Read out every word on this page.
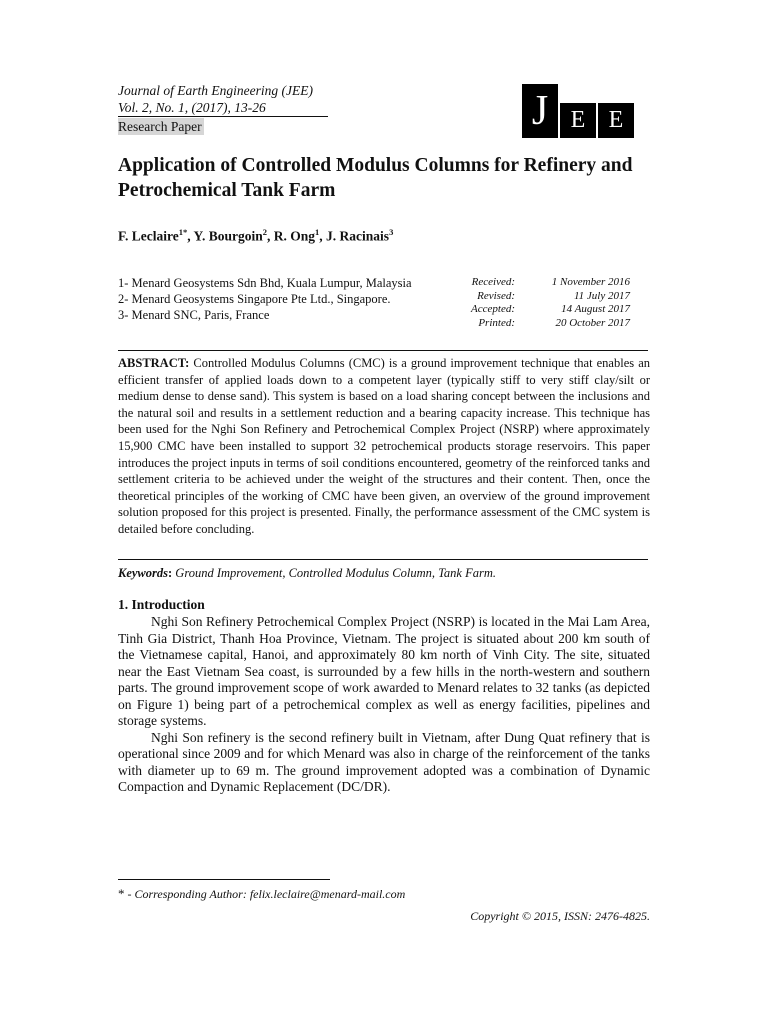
Journal of Earth Engineering (JEE)
Vol. 2, No. 1, (2017), 13-26
Research Paper	J E E
Application of Controlled Modulus Columns for Refinery and Petrochemical Tank Farm
F. Leclaire$^{1*}$, Y. Bourgoin$^2$, R. Ong$^1$, J. Racinais$^3$
1- Menard Geosystems Sdn Bhd, Kuala Lumpur, Malaysia
2- Menard Geosystems Singapore Pte Ltd., Singapore.
3- Menard SNC, Paris, France
Received:	1 November 2016
Revised:	11 July 2017
Accepted:	14 August 2017
Printed:	20 October 2017
ABSTRACT: Controlled Modulus Columns (CMC) is a ground improvement technique that enables an efficient transfer of applied loads down to a competent layer (typically stiff to very stiff clay/silt or medium dense to dense sand). This system is based on a load sharing concept between the inclusions and the natural soil and results in a settlement reduction and a bearing capacity increase. This technique has been used for the Nghi Son Refinery and Petrochemical Complex Project (NSRP) where approximately 15,900 CMC have been installed to support 32 petrochemical products storage reservoirs. This paper introduces the project inputs in terms of soil conditions encountered, geometry of the reinforced tanks and settlement criteria to be achieved under the weight of the structures and their content. Then, once the theoretical principles of the working of CMC have been given, an overview of the ground improvement solution proposed for this project is presented. Finally, the performance assessment of the CMC system is detailed before concluding.
Keywords: Ground Improvement, Controlled Modulus Column, Tank Farm.
1. Introduction

Nghi Son Refinery Petrochemical Complex Project (NSRP) is located in the Mai Lam Area, Tinh Gia District, Thanh Hoa Province, Vietnam. The project is situated about 200 km south of the Vietnamese capital, Hanoi, and approximately 80 km north of Vinh City. The site, situated near the East Vietnam Sea coast, is surrounded by a few hills in the north-western and southern parts. The ground improvement scope of work awarded to Menard relates to 32 tanks (as depicted on Figure 1) being part of a petrochemical complex as well as energy facilities, pipelines and storage systems.

Nghi Son refinery is the second refinery built in Vietnam, after Dung Quat refinery that is operational since 2009 and for which Menard was also in charge of the reinforcement of the tanks with diameter up to 69 m. The ground improvement adopted was a combination of Dynamic Compaction and Dynamic Replacement (DC/DR).

* - Corresponding Author: felix.leclaire@menard-mail.com
Copyright © 2015, ISSN: 2476-4825.
